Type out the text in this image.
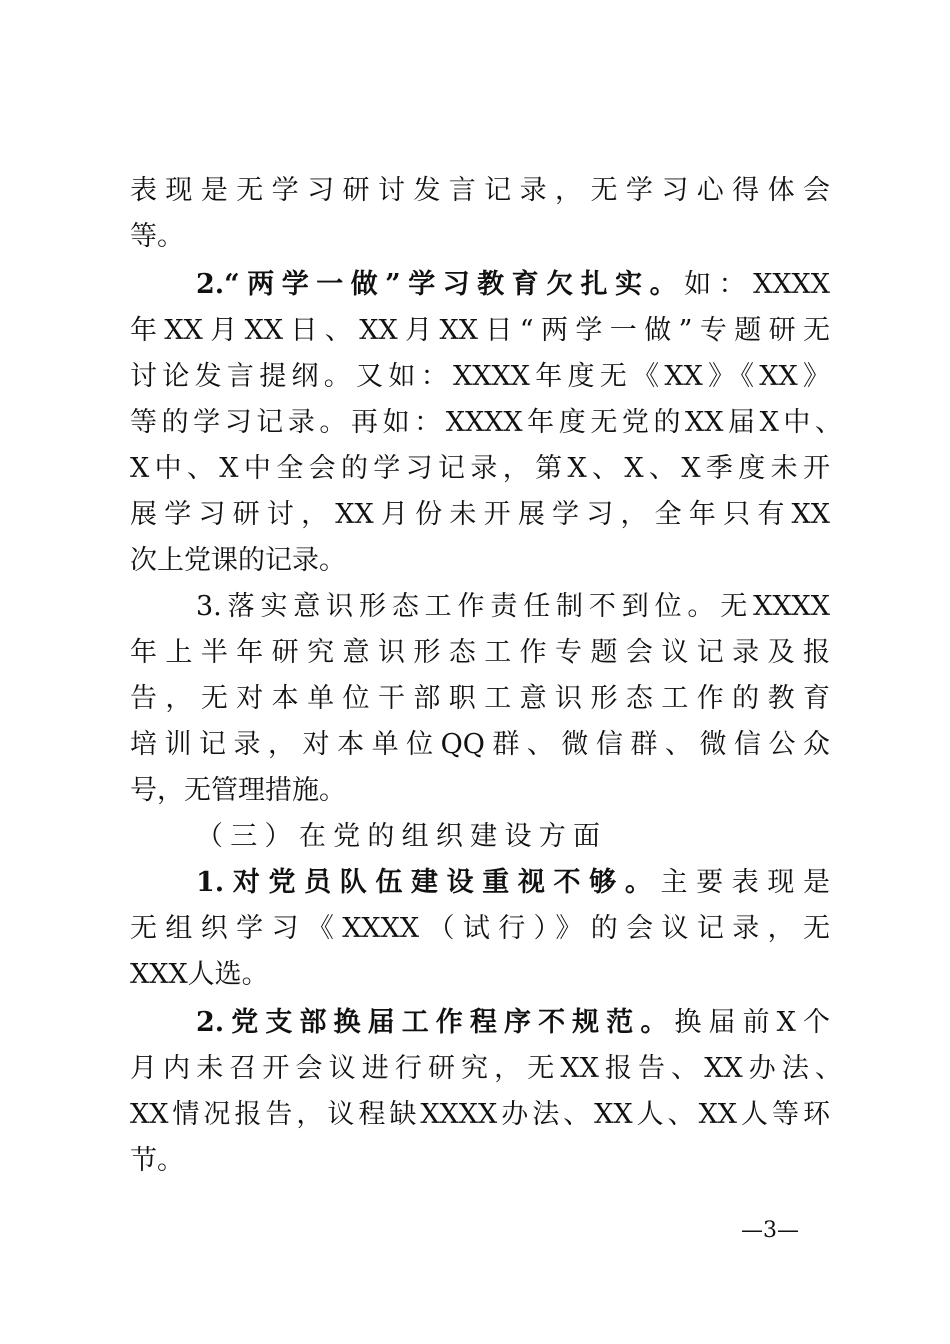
表现是无学习研讨发言记录，无学习心得体会
等。
2.“两学一做”学习教育欠扎实。如：XXXX
年XX月XX日、XX月XX日“两学一做”专题研无
讨论发言提纲。又如：XXXX年度无《XX》《XX》
等的学习记录。再如：XXXX年度无党的XX届X中、
X中、X中全会的学习记录，第X、X、X季度未开
展学习研讨，XX月份未开展学习，全年只有XX
次上党课的记录。
3.落实意识形态工作责任制不到位。无XXXX
年上半年研究意识形态工作专题会议记录及报
告，无对本单位干部职工意识形态工作的教育
培训记录，对本单位QQ群、微信群、微信公众
号，无管理措施。
（三）在党的组织建设方面
1.对党员队伍建设重视不够。主要表现是
无组织学习《XXXX（试行）》的会议记录，无
XXX人选。
2.党支部换届工作程序不规范。换届前X个
月内未召开会议进行研究，无XX报告、XX办法、
XX情况报告，议程缺XXXX办法、XX人、XX人等环
节。
—3—
